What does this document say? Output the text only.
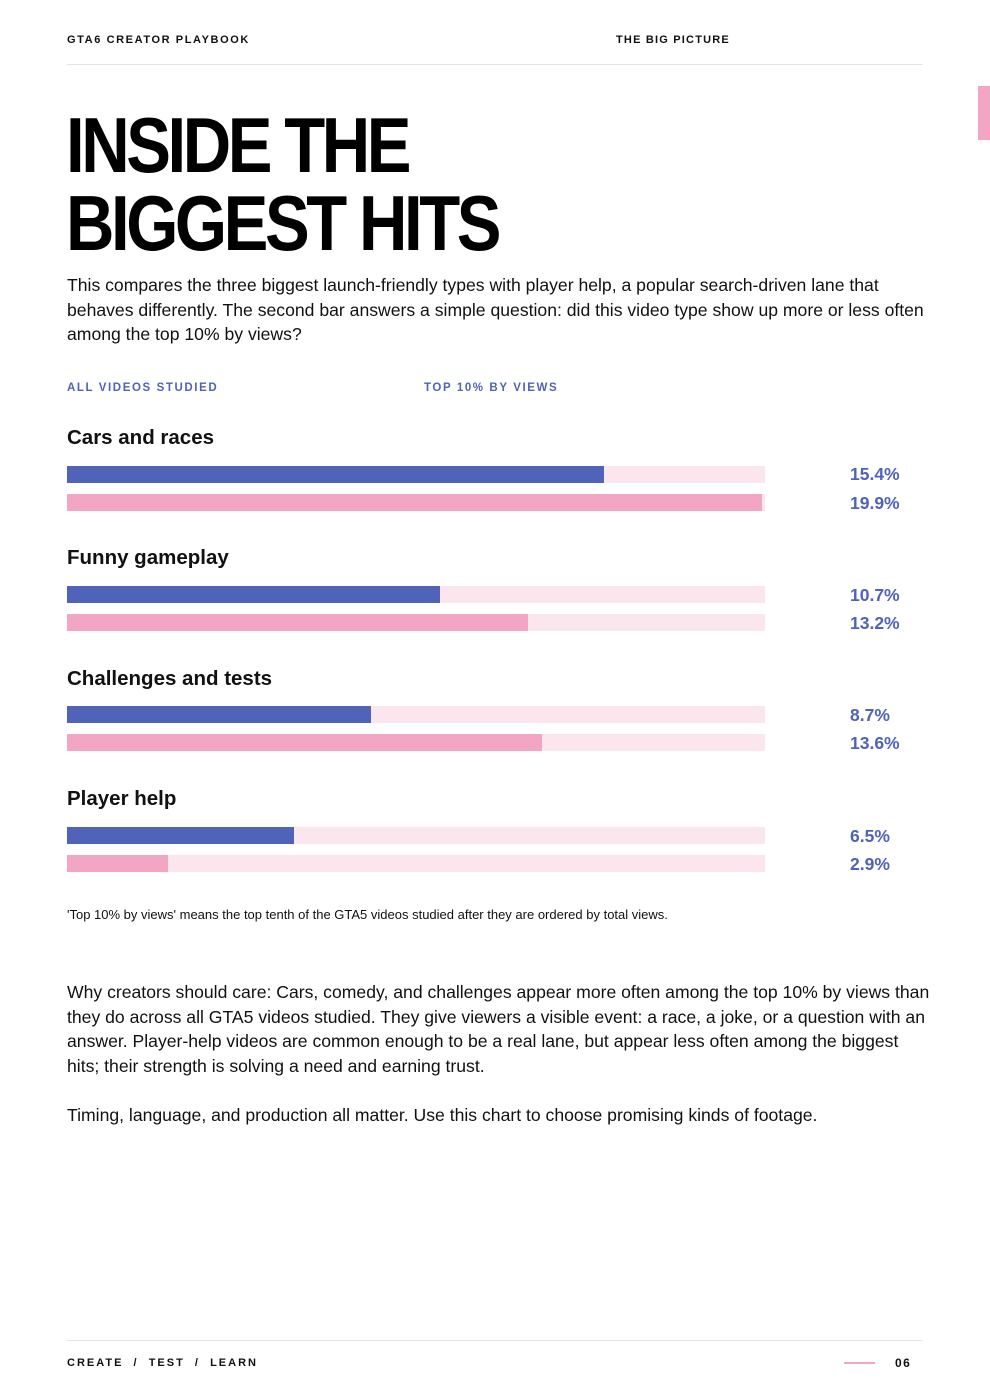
GTA6 CREATOR PLAYBOOK	THE BIG PICTURE
INSIDE THE
BIGGEST HITS

This compares the three biggest launch-friendly types with player help, a popular search-driven lane that behaves differently. The second bar answers a simple question: did this video type show up more or less often among the top 10% by views?

ALL VIDEOS STUDIED	TOP 10% BY VIEWS
Cars and races
15.4%
19.9%
Funny gameplay
10.7%
13.2%
Challenges and tests
8.7%
13.6%
Player help
6.5%
2.9%

'Top 10% by views' means the top tenth of the GTA5 videos studied after they are ordered by total views.

Why creators should care: Cars, comedy, and challenges appear more often among the top 10% by views than they do across all GTA5 videos studied. They give viewers a visible event: a race, a joke, or a question with an answer. Player-help videos are common enough to be a real lane, but appear less often among the biggest hits; their strength is solving a need and earning trust.

Timing, language, and production all matter. Use this chart to choose promising kinds of footage.

CREATE  /  TEST  /  LEARN	06
